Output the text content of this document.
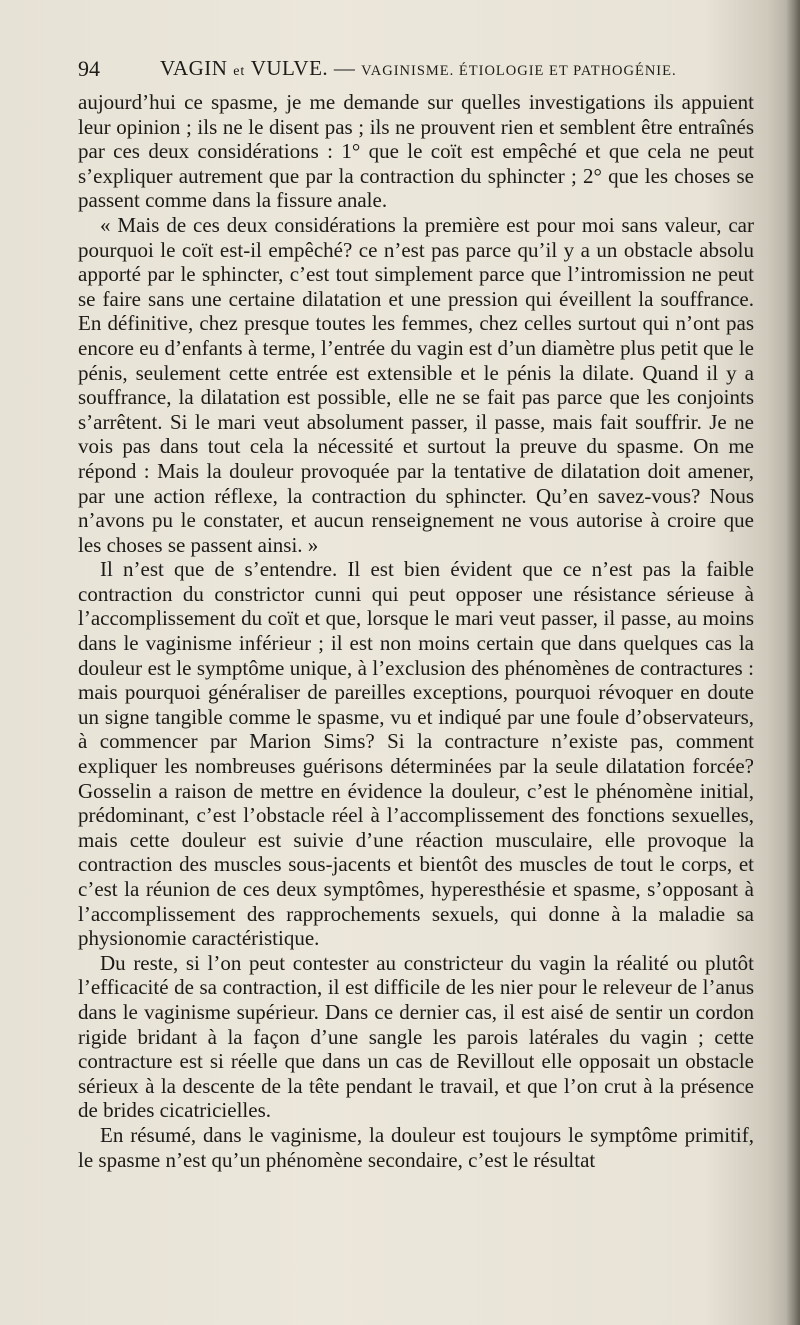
94	VAGIN et VULVE. — VAGINISME. ÉTIOLOGIE ET PATHOGÉNIE.

aujourd’hui ce spasme, je me demande sur quelles investigations ils appuient leur opinion ; ils ne le disent pas ; ils ne prouvent rien et semblent être entraînés par ces deux considérations : 1° que le coït est empêché et que cela ne peut s’expliquer autrement que par la contraction du sphincter ; 2° que les choses se passent comme dans la fissure anale.

« Mais de ces deux considérations la première est pour moi sans valeur, car pourquoi le coït est-il empêché? ce n’est pas parce qu’il y a un obstacle absolu apporté par le sphincter, c’est tout simplement parce que l’intromission ne peut se faire sans une certaine dilatation et une pression qui éveillent la souffrance. En définitive, chez presque toutes les femmes, chez celles surtout qui n’ont pas encore eu d’enfants à terme, l’entrée du vagin est d’un diamètre plus petit que le pénis, seulement cette entrée est extensible et le pénis la dilate. Quand il y a souffrance, la dilatation est possible, elle ne se fait pas parce que les conjoints s’arrêtent. Si le mari veut absolument passer, il passe, mais fait souffrir. Je ne vois pas dans tout cela la nécessité et surtout la preuve du spasme. On me répond : Mais la douleur provoquée par la tentative de dilatation doit amener, par une action réflexe, la contraction du sphincter. Qu’en savez-vous? Nous n’avons pu le constater, et aucun renseignement ne vous autorise à croire que les choses se passent ainsi. »

Il n’est que de s’entendre. Il est bien évident que ce n’est pas la faible contraction du constrictor cunni qui peut opposer une résistance sérieuse à l’accomplissement du coït et que, lorsque le mari veut passer, il passe, au moins dans le vaginisme inférieur ; il est non moins certain que dans quelques cas la douleur est le symptôme unique, à l’exclusion des phénomènes de contractures : mais pourquoi généraliser de pareilles exceptions, pourquoi révoquer en doute un signe tangible comme le spasme, vu et indiqué par une foule d’observateurs, à commencer par Marion Sims? Si la contracture n’existe pas, comment expliquer les nombreuses guérisons déterminées par la seule dilatation forcée? Gosselin a raison de mettre en évidence la douleur, c’est le phénomène initial, prédominant, c’est l’obstacle réel à l’accomplissement des fonctions sexuelles, mais cette douleur est suivie d’une réaction musculaire, elle provoque la contraction des muscles sous-jacents et bientôt des muscles de tout le corps, et c’est la réunion de ces deux symptômes, hyperesthésie et spasme, s’opposant à l’accomplissement des rapprochements sexuels, qui donne à la maladie sa physionomie caractéristique.

Du reste, si l’on peut contester au constricteur du vagin la réalité ou plutôt l’efficacité de sa contraction, il est difficile de les nier pour le releveur de l’anus dans le vaginisme supérieur. Dans ce dernier cas, il est aisé de sentir un cordon rigide bridant à la façon d’une sangle les parois latérales du vagin ; cette contracture est si réelle que dans un cas de Revillout elle opposait un obstacle sérieux à la descente de la tête pendant le travail, et que l’on crut à la présence de brides cicatricielles.

En résumé, dans le vaginisme, la douleur est toujours le symptôme primitif, le spasme n’est qu’un phénomène secondaire, c’est le résultat
